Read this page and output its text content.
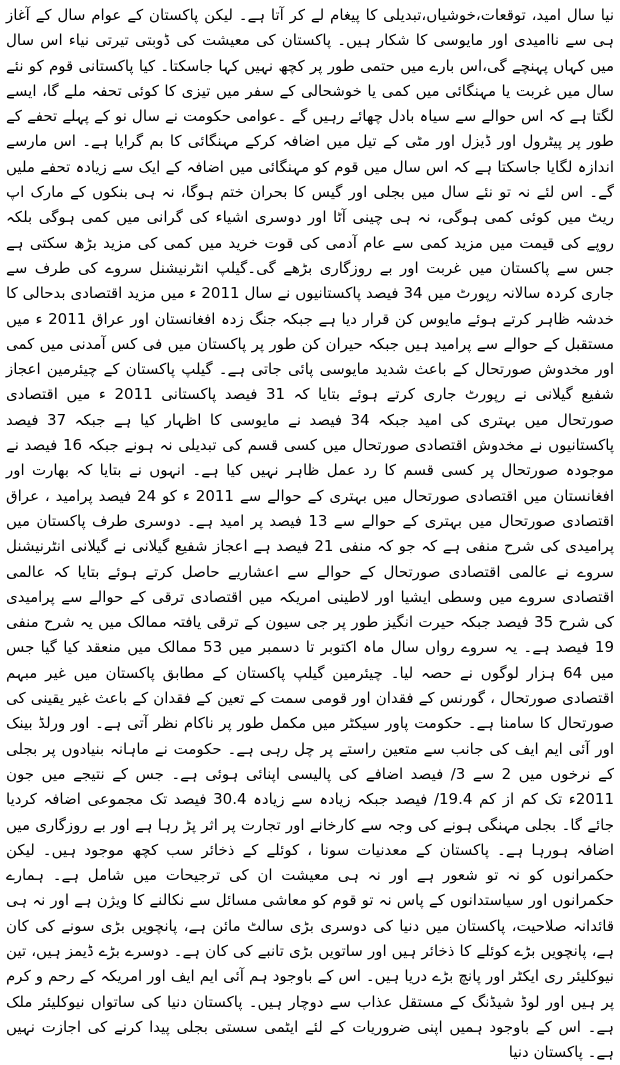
نیا سال امید، توقعات،خوشیاں،تبدیلی کا پیغام لے کر آتا ہے۔ لیکن پاکستان کے عوام سال کے آغاز ہی سے ناامیدی اور مایوسی کا شکار ہیں۔ پاکستان کی معیشت کی ڈوبتی تیرتی نیاء اس سال میں کہاں پہنچے گی،اس بارے میں حتمی طور پر کچھ نہیں کہا جاسکتا۔ کیا پاکستانی قوم کو نئے سال میں غربت یا مہنگائی میں کمی یا خوشحالی کے سفر میں تیزی کا کوئی تحفہ ملے گا، ایسے لگتا ہے کہ اس حوالے سے سیاہ بادل چھائے رہیں گے ۔عوامی حکومت نے سال نو کے پہلے تحفے کے طور پر پیٹرول اور ڈیزل اور مٹی کے تیل میں اضافہ کرکے مہنگائی کا بم گرایا ہے۔ اس مارسے اندازہ لگایا جاسکتا ہے کہ اس سال میں قوم کو مہنگائی میں اضافہ کے ایک سے زیادہ تحفے ملیں گے۔ اس لئے نہ تو نئے سال میں بجلی اور گیس کا بحران ختم ہوگا، نہ ہی بنکوں کے مارک اپ ریٹ میں کوئی کمی ہوگی، نہ ہی چینی آٹا اور دوسری اشیاء کی گرانی میں کمی ہوگی بلکہ روپے کی قیمت میں مزید کمی سے عام آدمی کی قوت خرید میں کمی کی مزید بڑھ سکتی ہے جس سے پاکستان میں غربت اور بے روزگاری بڑھے گی۔گیلپ انٹرنیشنل سروے کی طرف سے جاری کردہ سالانہ رپورٹ میں 34 فیصد پاکستانیوں نے سال 2011 ء میں مزید اقتصادی بدحالی کا خدشہ ظاہر کرتے ہوئے مایوس کن قرار دیا ہے جبکہ جنگ زدہ افغانستان اور عراق 2011 ء میں مستقبل کے حوالے سے پرامید ہیں جبکہ حیران کن طور پر پاکستان میں فی کس آمدنی میں کمی اور مخدوش صورتحال کے باعث شدید مایوسی پائی جاتی ہے۔ گیلپ پاکستان کے چیئرمین اعجاز شفیع گیلانی نے رپورٹ جاری کرتے ہوئے بتایا کہ 31 فیصد پاکستانی 2011 ء میں اقتصادی صورتحال میں بہتری کی امید جبکہ 34 فیصد نے مایوسی کا اظہار کیا ہے جبکہ 37 فیصد پاکستانیوں نے مخدوش اقتصادی صورتحال میں کسی قسم کی تبدیلی نہ ہونے جبکہ 16 فیصد نے موجودہ صورتحال پر کسی قسم کا رد عمل ظاہر نہیں کیا ہے۔ انہوں نے بتایا کہ بھارت اور افغانستان میں اقتصادی صورتحال میں بہتری کے حوالے سے 2011 ء کو 24 فیصد پرامید ، عراق اقتصادی صورتحال میں بہتری کے حوالے سے 13 فیصد پر امید ہے۔ دوسری طرف پاکستان میں پرامیدی کی شرح منفی ہے کہ جو کہ منفی 21 فیصد ہے اعجاز شفیع گیلانی نے گیلانی انٹرنیشنل سروے نے عالمی اقتصادی صورتحال کے حوالے سے اعشاریے حاصل کرتے ہوئے بتایا کہ عالمی اقتصادی سروے میں وسطی ایشیا اور لاطینی امریکہ میں اقتصادی ترقی کے حوالے سے پرامیدی کی شرح 35 فیصد جبکہ حیرت انگیز طور پر جی سیون کے ترقی یافتہ ممالک میں یہ شرح منفی 19 فیصد ہے۔ یہ سروے رواں سال ماہ اکتوبر تا دسمبر میں 53 ممالک میں منعقد کیا گیا جس میں 64 ہزار لوگوں نے حصہ لیا۔ چیئرمین گیلپ پاکستان کے مطابق پاکستان میں غیر مبہم اقتصادی صورتحال ، گورنس کے فقدان اور قومی سمت کے تعین کے فقدان کے باعث غیر یقینی کی صورتحال کا سامنا ہے۔ حکومت پاور سیکٹر میں مکمل طور پر ناکام نظر آتی ہے۔ اور ورلڈ بینک اور آئی ایم ایف کی جانب سے متعین راستے پر چل رہی ہے۔ حکومت نے ماہانہ بنیادوں پر بجلی کے نرخوں میں 2 سے 3/ فیصد اضافے کی پالیسی اپنائی ہوئی ہے۔ جس کے نتیجے میں جون 2011ء تک کم از کم 19.4/ فیصد جبکہ زیادہ سے زیادہ 30.4 فیصد تک مجموعی اضافہ کردیا جائے گا۔ بجلی مہنگی ہونے کی وجہ سے کارخانے اور تجارت پر اثر پڑ رہا ہے اور بے روزگاری میں اضافہ ہورہا ہے۔ پاکستان کے معدنیات سونا ، کوئلے کے ذخائر سب کچھ موجود ہیں۔ لیکن حکمرانوں کو نہ تو شعور ہے اور نہ ہی معیشت ان کی ترجیحات میں شامل ہے۔ ہمارے حکمرانوں اور سیاستدانوں کے پاس نہ تو قوم کو معاشی مسائل سے نکالنے کا ویژن ہے اور نہ ہی قائدانہ صلاحیت، پاکستان میں دنیا کی دوسری بڑی سالٹ مائن ہے، پانچویں بڑی سونے کی کان ہے، پانچویں بڑے کوئلے کا ذخائر ہیں اور ساتویں بڑی تانبے کی کان ہے۔ دوسرے بڑے ڈیمز ہیں، تین نیوکلیئر ری ایکٹر اور پانچ بڑے دریا ہیں۔ اس کے باوجود ہم آئی ایم ایف اور امریکہ کے رحم و کرم پر ہیں اور لوڈ شیڈنگ کے مستقل عذاب سے دوچار ہیں۔ پاکستان دنیا کی ساتواں نیوکلیئر ملک ہے۔ اس کے باوجود ہمیں اپنی ضروریات کے لئے ایٹمی سستی بجلی پیدا کرنے کی اجازت نہیں ہے۔ پاکستان دنیا
